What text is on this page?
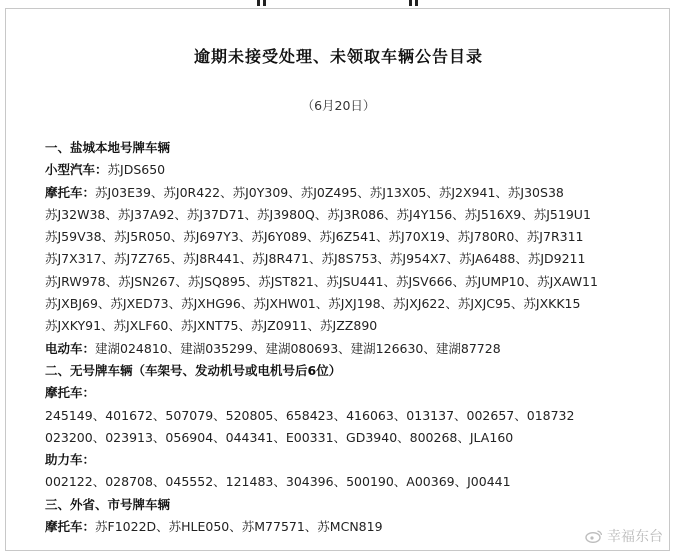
逾期未接受处理、未领取车辆公告目录
（6月20日）
一、盐城本地号牌车辆
小型汽车：苏JDS650
摩托车：苏J03E39、苏J0R422、苏J0Y309、苏J0Z495、苏J13X05、苏J2X941、苏J30S38
苏J32W38、苏J37A92、苏J37D71、苏J3980Q、苏J3R086、苏J4Y156、苏J516X9、苏J519U1
苏J59V38、苏J5R050、苏J697Y3、苏J6Y089、苏J6Z541、苏J70X19、苏J780R0、苏J7R311
苏J7X317、苏J7Z765、苏J8R441、苏J8R471、苏J8S753、苏J954X7、苏JA6488、苏JD9211
苏JRW978、苏JSN267、苏JSQ895、苏JST821、苏JSU441、苏JSV666、苏JUMP10、苏JXAW11
苏JXBJ69、苏JXED73、苏JXHG96、苏JXHW01、苏JXJ198、苏JXJ622、苏JXJC95、苏JXKK15
苏JXKY91、苏JXLF60、苏JXNT75、苏JZ0911、苏JZZ890
电动车：建湖024810、建湖035299、建湖080693、建湖126630、建湖87728
二、无号牌车辆（车架号、发动机号或电机号后6位）
摩托车：
245149、401672、507079、520805、658423、416063、013137、002657、018732
023200、023913、056904、044341、E00331、GD3940、800268、JLA160
助力车：
002122、028708、045552、121483、304396、500190、A00369、J00441
三、外省、市号牌车辆
摩托车：苏F1022D、苏HLE050、苏M77571、苏MCN819
幸福东台
